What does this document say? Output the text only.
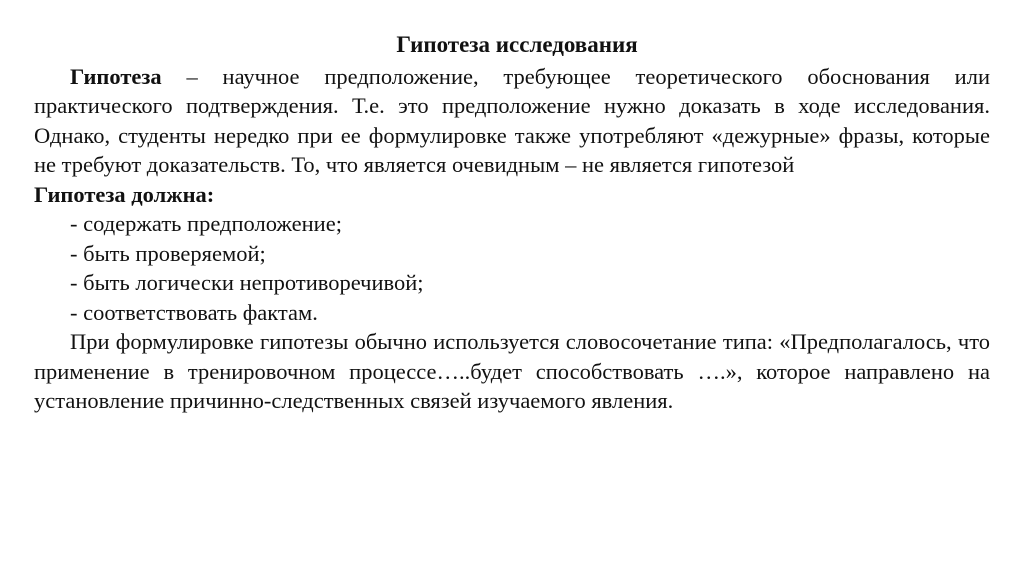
Гипотеза исследования

Гипотеза – научное предположение, требующее теоретического обоснования или практического подтверждения. Т.е. это предположение нужно доказать в ходе исследования. Однако, студенты нередко при ее формулировке также употребляют «дежурные» фразы, которые не требуют доказательств. То, что является очевидным – не является гипотезой

Гипотеза должна:
- содержать предположение;
- быть проверяемой;
- быть логически непротиворечивой;
- соответствовать фактам.

При формулировке гипотезы обычно используется словосочетание типа: «Предполагалось, что применение в тренировочном процессе…..будет способствовать ….», которое направлено на установление причинно-следственных связей изучаемого явления.
